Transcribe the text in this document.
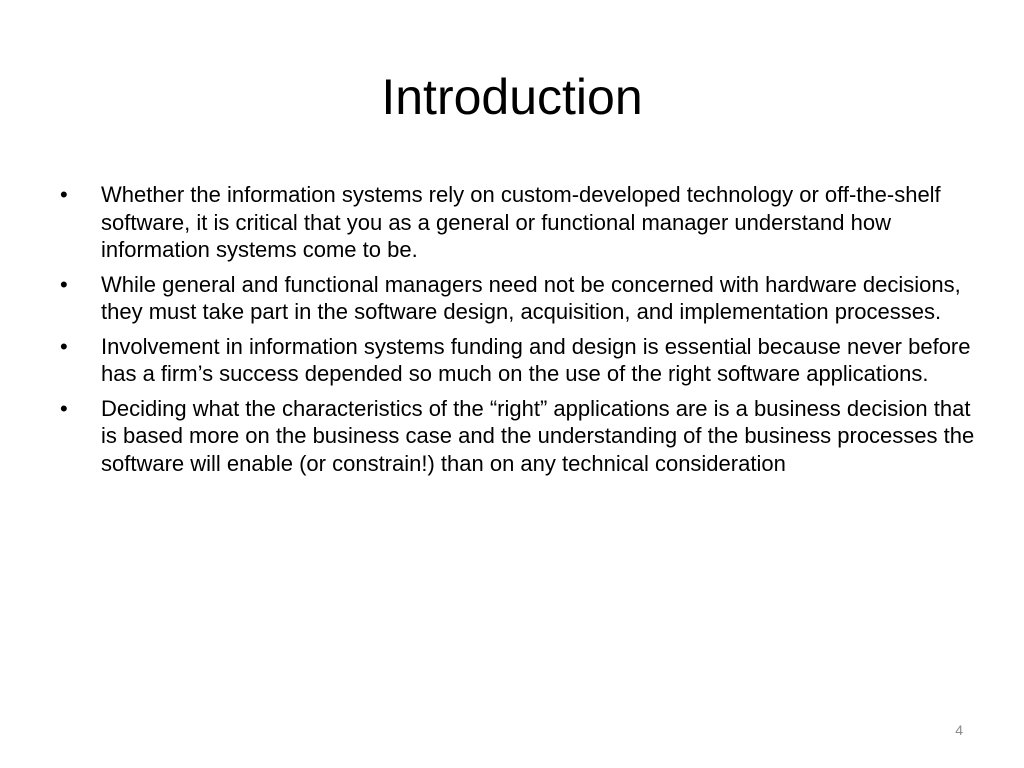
Introduction
•	Whether the information systems rely on custom-developed technology or off-the-shelf software, it is critical that you as a general or functional manager understand how information systems come to be.
•	While general and functional managers need not be concerned with hardware decisions, they must take part in the software design, acquisition, and implementation processes.
•	Involvement in information systems funding and design is essential because never before has a firm’s success depended so much on the use of the right software applications.
•	Deciding what the characteristics of the “right” applications are is a business decision that is based more on the business case and the understanding of the business processes the software will enable (or constrain!) than on any technical consideration
4
